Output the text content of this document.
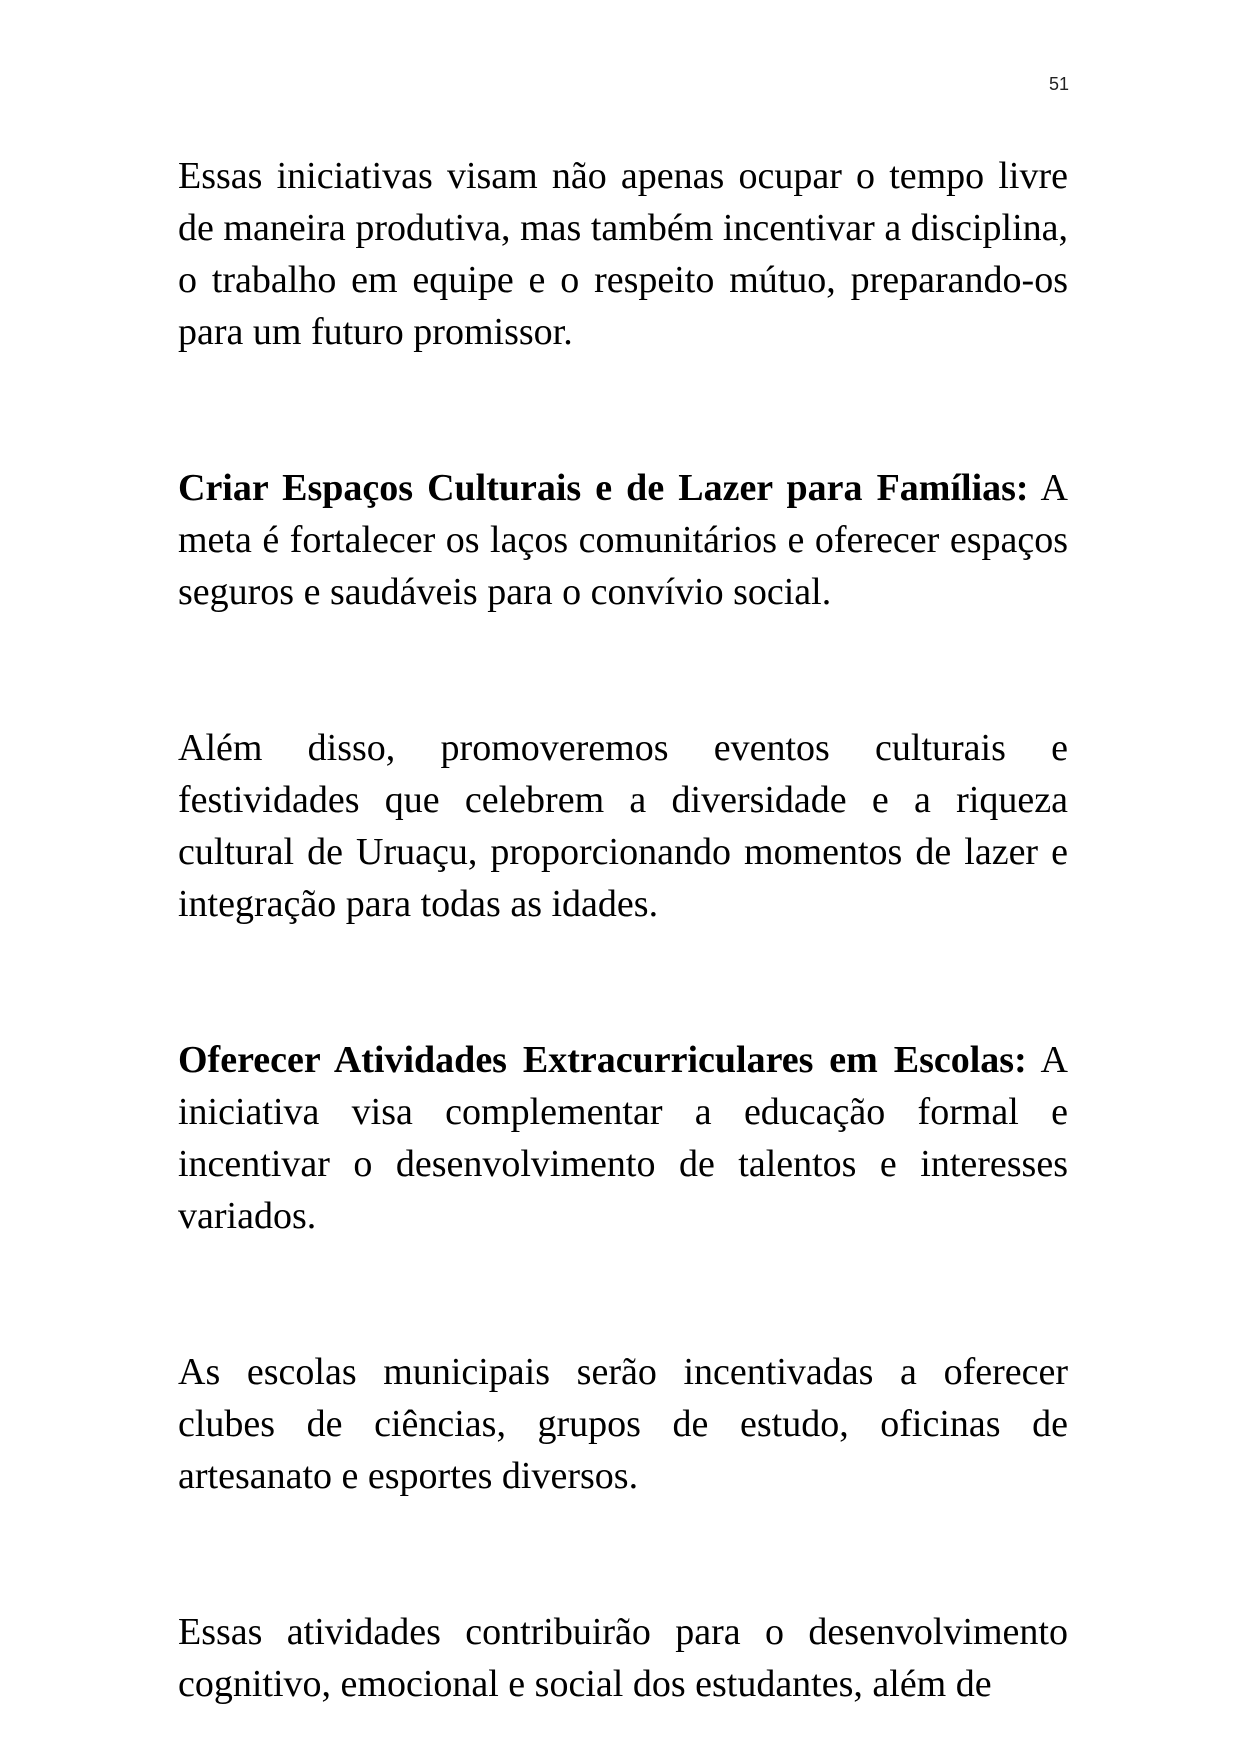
51

Essas iniciativas visam não apenas ocupar o tempo livre de maneira produtiva, mas também incentivar a disciplina, o trabalho em equipe e o respeito mútuo, preparando-os para um futuro promissor.

Criar Espaços Culturais e de Lazer para Famílias: A meta é fortalecer os laços comunitários e oferecer espaços seguros e saudáveis para o convívio social.

Além disso, promoveremos eventos culturais e festividades que celebrem a diversidade e a riqueza cultural de Uruaçu, proporcionando momentos de lazer e integração para todas as idades.

Oferecer Atividades Extracurriculares em Escolas: A iniciativa visa complementar a educação formal e incentivar o desenvolvimento de talentos e interesses variados.

As escolas municipais serão incentivadas a oferecer clubes de ciências, grupos de estudo, oficinas de artesanato e esportes diversos.

Essas atividades contribuirão para o desenvolvimento cognitivo, emocional e social dos estudantes, além de
